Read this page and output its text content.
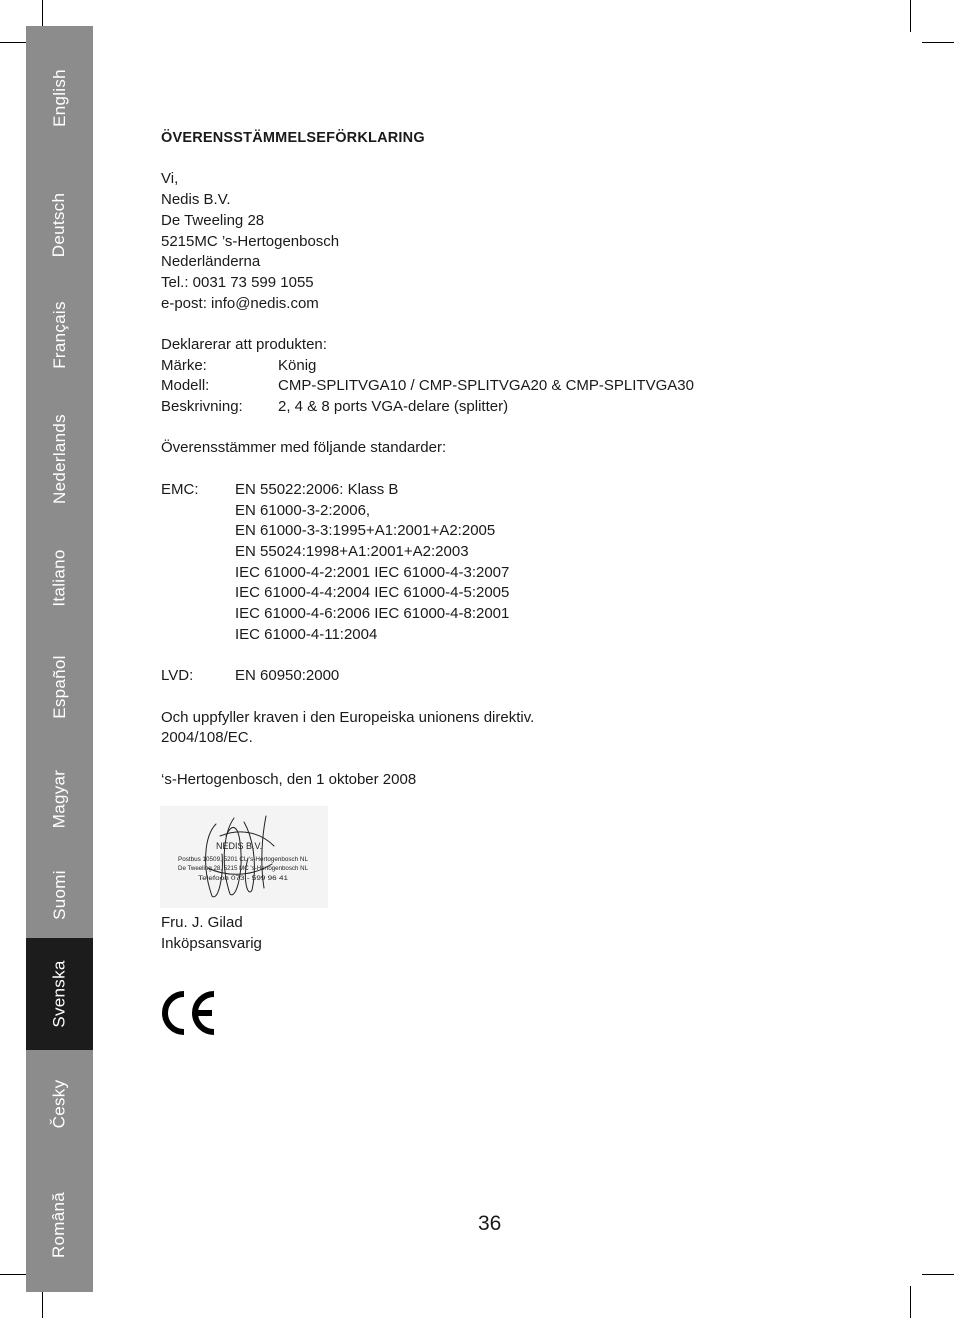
English
Deutsch
Français
Nederlands
Italiano
Español
Magyar
Suomi
Svenska
Česky
Română
ÖVERENSSTÄMMELSEFÖRKLARING
Vi,
Nedis B.V.
De Tweeling 28
5215MC ’s-Hertogenbosch
Nederländerna
Tel.: 0031 73 599 1055
e-post: info@nedis.com
Deklarerar att produkten:
Märke:	König
Modell:	CMP-SPLITVGA10 / CMP-SPLITVGA20 & CMP-SPLITVGA30
Beskrivning:	2, 4 & 8 ports VGA-delare (splitter)
Överensstämmer med följande standarder:
EMC:	EN 55022:2006: Klass B
EN 61000-3-2:2006,
EN 61000-3-3:1995+A1:2001+A2:2005
EN 55024:1998+A1:2001+A2:2003
IEC 61000-4-2:2001 IEC 61000-4-3:2007
IEC 61000-4-4:2004 IEC 61000-4-5:2005
IEC 61000-4-6:2006 IEC 61000-4-8:2001
IEC 61000-4-11:2004
LVD:	EN 60950:2000
Och uppfyller kraven i den Europeiska unionens direktiv.
2004/108/EC.
‘s-Hertogenbosch, den 1 oktober 2008
NEDIS B.V.
Postbus 10509, 5201 CL 's-Hertogenbosch NL
De Tweeling 28, 5215 MC 's-Hertogenbosch NL
Telefoon 073 - 599 96 41
Fru. J. Gilad
Inköpsansvarig
36
